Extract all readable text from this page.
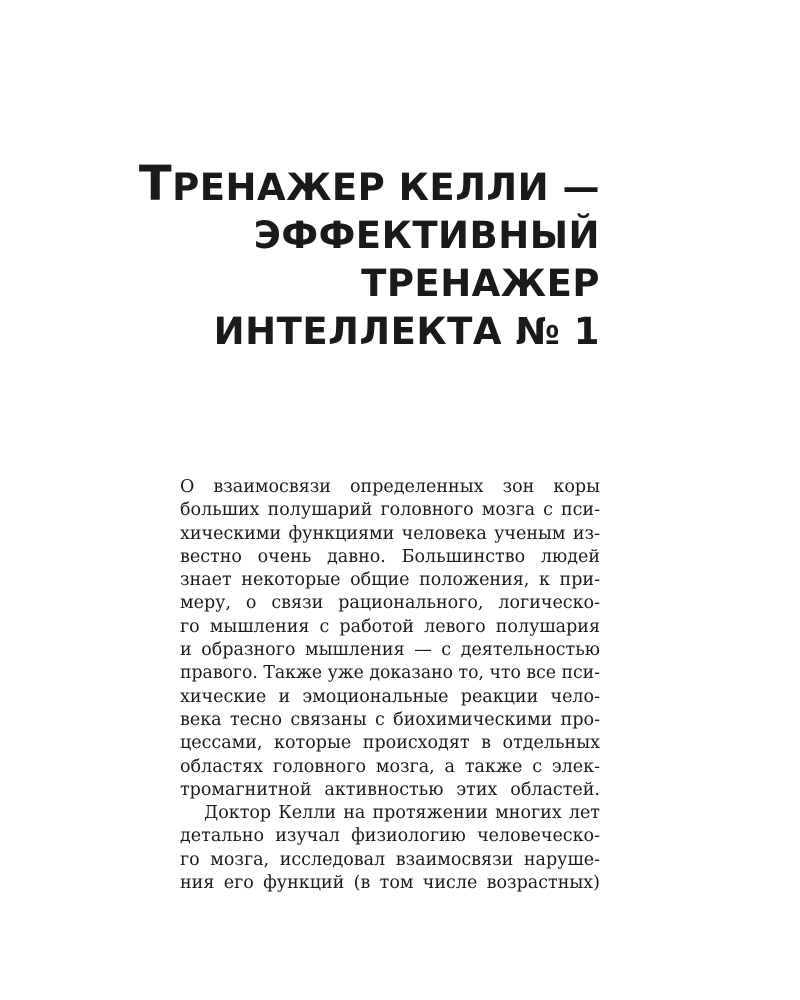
ТРЕНАЖЕР КЕЛЛИ —
ЭФФЕКТИВНЫЙ
ТРЕНАЖЕР
ИНТЕЛЛЕКТА № 1
О взаимосвязи определенных зон коры
больших полушарий головного мозга с пси-
хическими функциями человека ученым из-
вестно очень давно. Большинство людей
знает некоторые общие положения, к при-
меру, о связи рационального, логическо-
го мышления с работой левого полушария
и образного мышления — с деятельностью
правого. Также уже доказано то, что все пси-
хические и эмоциональные реакции чело-
века тесно связаны с биохимическими про-
цессами, которые происходят в отдельных
областях головного мозга, а также с элек-
тромагнитной активностью этих областей.
Доктор Келли на протяжении многих лет
детально изучал физиологию человеческо-
го мозга, исследовал взаимосвязи наруше-
ния его функций (в том числе возрастных)
